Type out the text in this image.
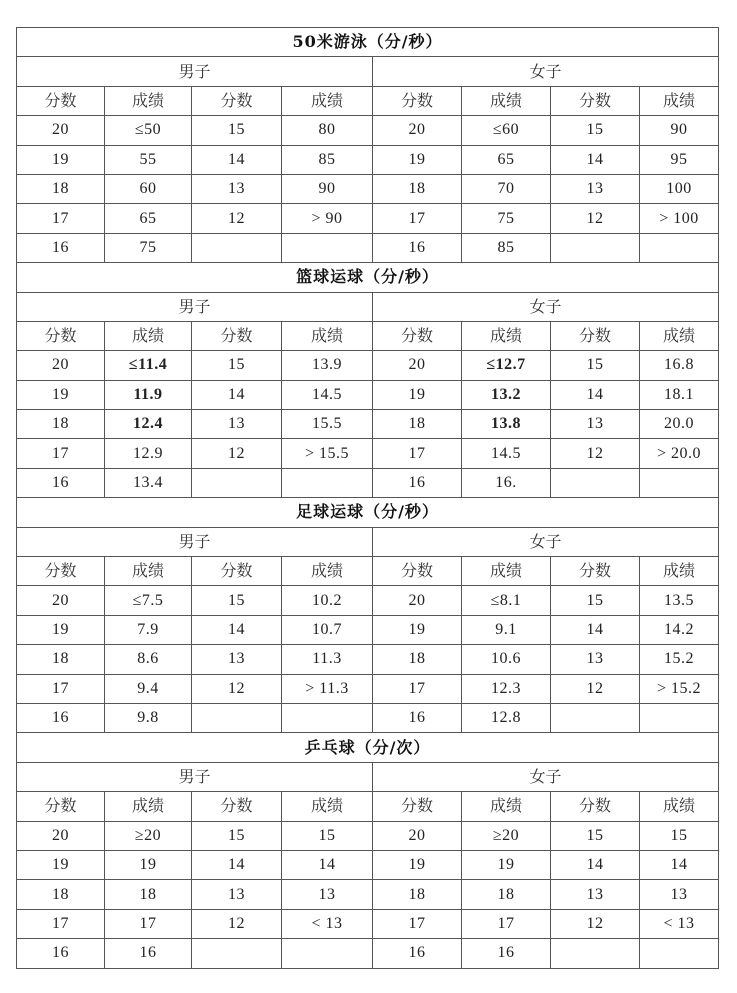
50米游泳（分/秒）							
男子				女子			
分数	成绩	分数	成绩	分数	成绩	分数	成绩
20	≤50	15	80	20	≤60	15	90
19	55	14	85	19	65	14	95
18	60	13	90	18	70	13	100
17	65	12	> 90	17	75	12	> 100
16	75			16	85		
篮球运球（分/秒）							
男子				女子			
分数	成绩	分数	成绩	分数	成绩	分数	成绩
20	≤11.4	15	13.9	20	≤12.7	15	16.8
19	11.9	14	14.5	19	13.2	14	18.1
18	12.4	13	15.5	18	13.8	13	20.0
17	12.9	12	> 15.5	17	14.5	12	> 20.0
16	13.4			16	16.		
足球运球（分/秒）							
男子				女子			
分数	成绩	分数	成绩	分数	成绩	分数	成绩
20	≤7.5	15	10.2	20	≤8.1	15	13.5
19	7.9	14	10.7	19	9.1	14	14.2
18	8.6	13	11.3	18	10.6	13	15.2
17	9.4	12	> 11.3	17	12.3	12	> 15.2
16	9.8			16	12.8		
乒乓球（分/次）							
男子				女子			
分数	成绩	分数	成绩	分数	成绩	分数	成绩
20	≥20	15	15	20	≥20	15	15
19	19	14	14	19	19	14	14
18	18	13	13	18	18	13	13
17	17	12	< 13	17	17	12	< 13
16	16			16	16		
